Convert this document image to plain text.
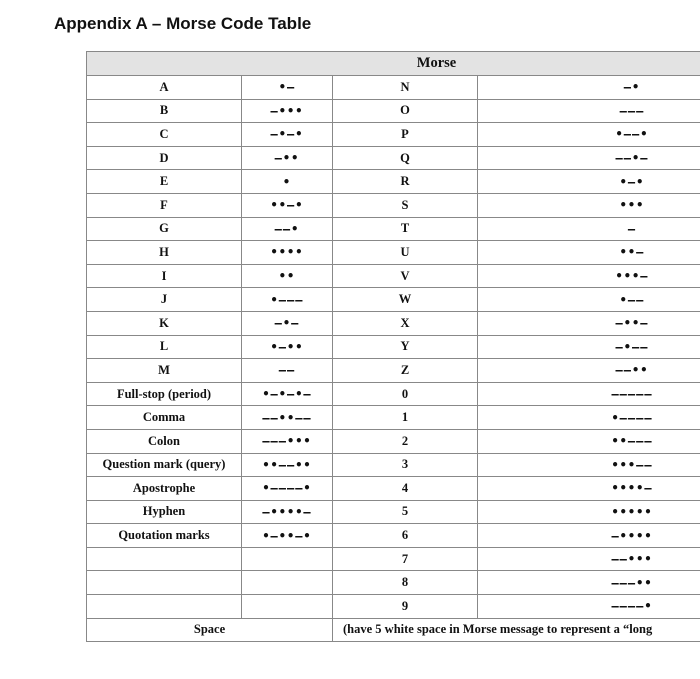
Appendix A – Morse Code Table
Morse			
A	•–	N	–•
B	–•••	O	–––
C	–•–•	P	•––•
D	–••	Q	––•–
E	•	R	•–•
F	••–•	S	•••
G	––•	T	–
H	••••	U	••–
I	••	V	•••–
J	•–––	W	•––
K	–•–	X	–••–
L	•–••	Y	–•––
M	––	Z	––••
Full-stop (period)	•–•–•–	0	–––––
Comma	––••––	1	•––––
Colon	–––•••	2	••–––
Question mark (query)	••––••	3	•••––
Apostrophe	•––––•	4	••••–
Hyphen	–••••–	5	•••••
Quotation marks	•–••–•	6	–••••
		7	––•••
		8	–––••
		9	––––•
Space		(have 5 white space in Morse message to represent a “long	
